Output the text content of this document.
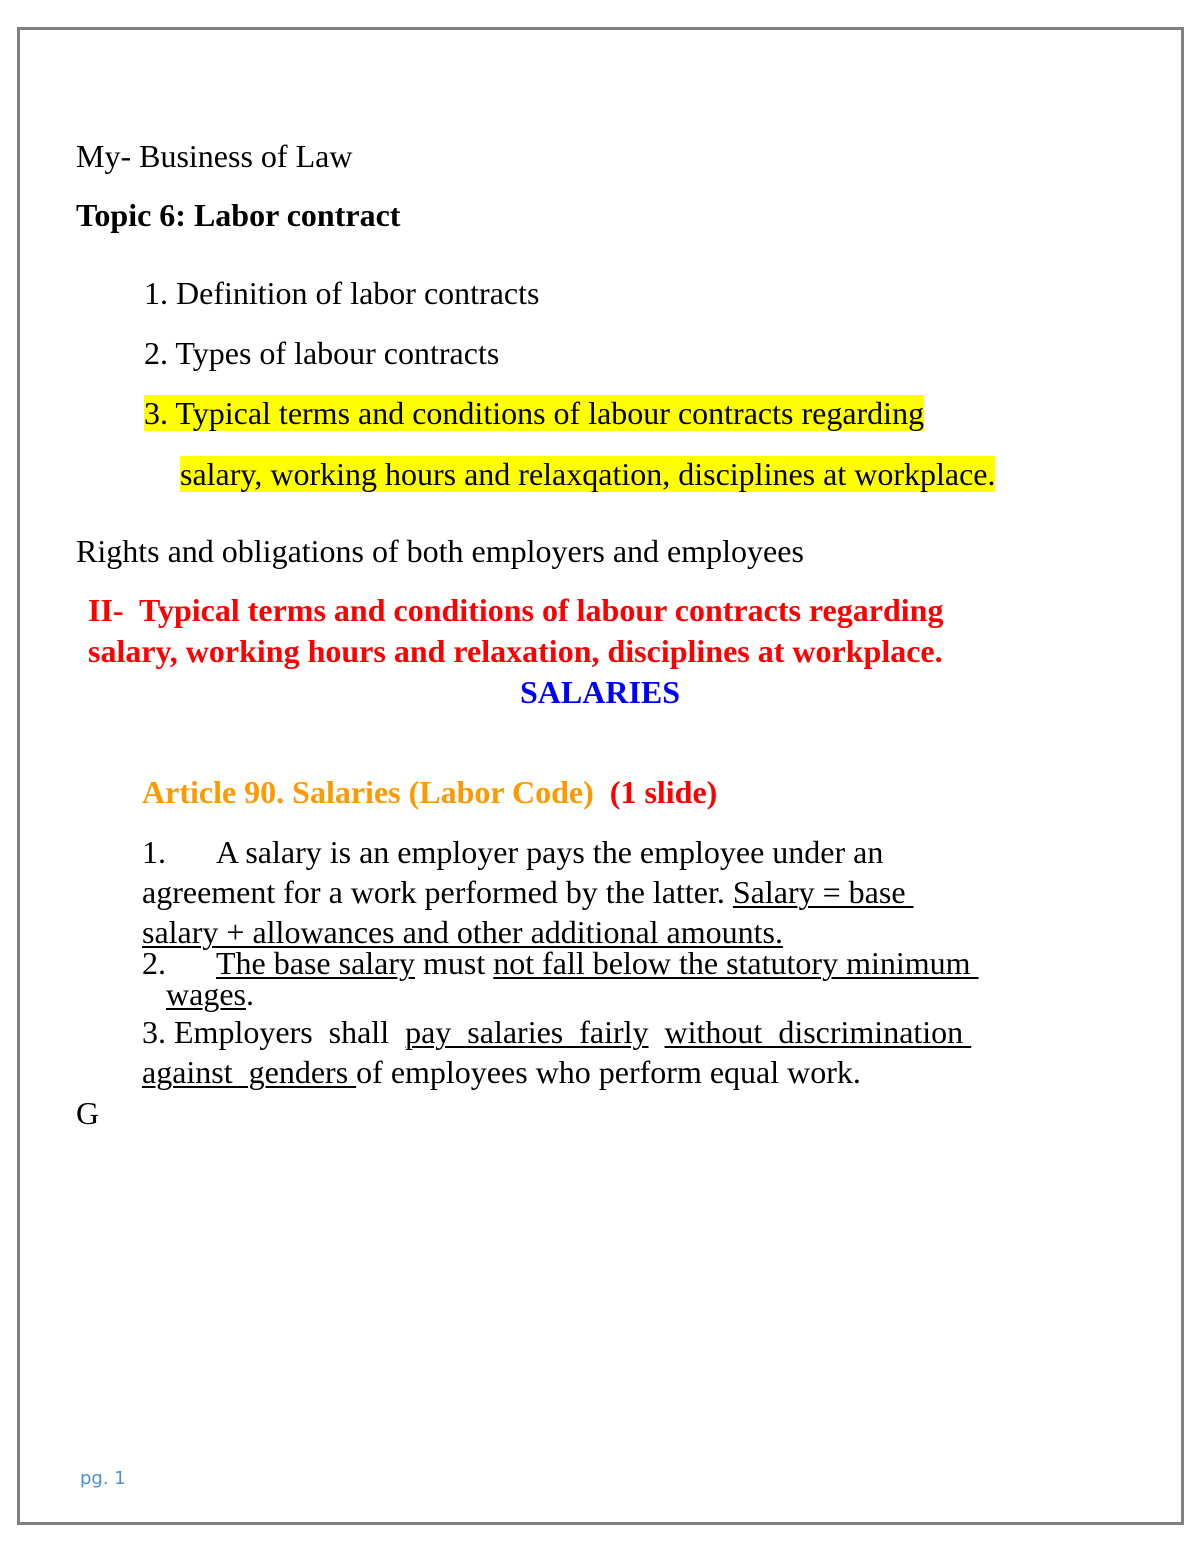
My- Business of Law
Topic 6: Labor contract
1. Definition of labor contracts
2. Types of labour contracts
3. Typical terms and conditions of labour contracts regarding
salary, working hours and relaxqation, disciplines at workplace.
Rights and obligations of both employers and employees
II-  Typical terms and conditions of labour contracts regarding
salary, working hours and relaxation, disciplines at workplace.
SALARIES
Article 90. Salaries (Labor Code) (1 slide)
1. A salary is an employer pays the employee under an
agreement for a work performed by the latter. Salary = base
salary + allowances and other additional amounts.
2. The base salary must not fall below the statutory minimum
wages.
3. Employers  shall  pay  salaries  fairly without  discrimination
against  genders of employees who perform equal work.
G
pg. 1
